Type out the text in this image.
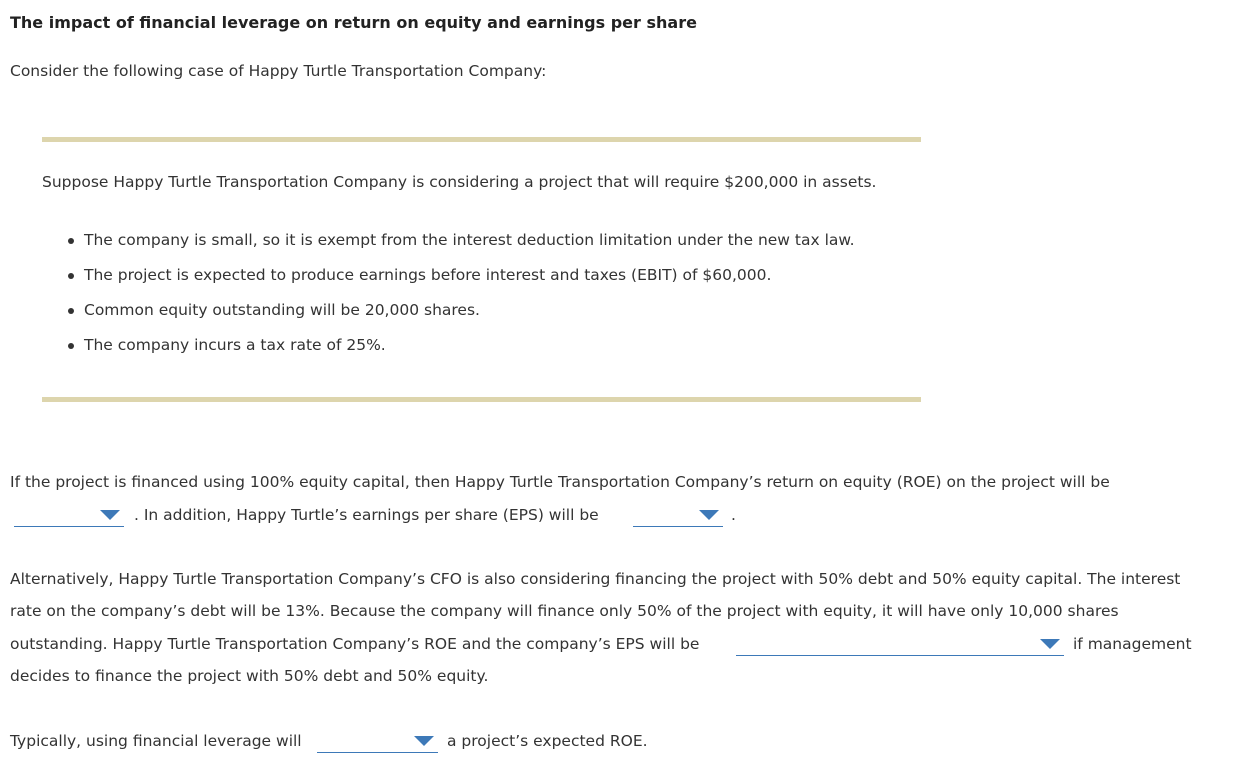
The impact of financial leverage on return on equity and earnings per share
Consider the following case of Happy Turtle Transportation Company:
Suppose Happy Turtle Transportation Company is considering a project that will require $200,000 in assets.
The company is small, so it is exempt from the interest deduction limitation under the new tax law.
The project is expected to produce earnings before interest and taxes (EBIT) of $60,000.
Common equity outstanding will be 20,000 shares.
The company incurs a tax rate of 25%.
If the project is financed using 100% equity capital, then Happy Turtle Transportation Company’s return on equity (ROE) on the project will be
. In addition, Happy Turtle’s earnings per share (EPS) will be	.
Alternatively, Happy Turtle Transportation Company’s CFO is also considering financing the project with 50% debt and 50% equity capital. The interest
rate on the company’s debt will be 13%. Because the company will finance only 50% of the project with equity, it will have only 10,000 shares
outstanding. Happy Turtle Transportation Company’s ROE and the company’s EPS will be	if management
decides to finance the project with 50% debt and 50% equity.
Typically, using financial leverage will	a project’s expected ROE.
